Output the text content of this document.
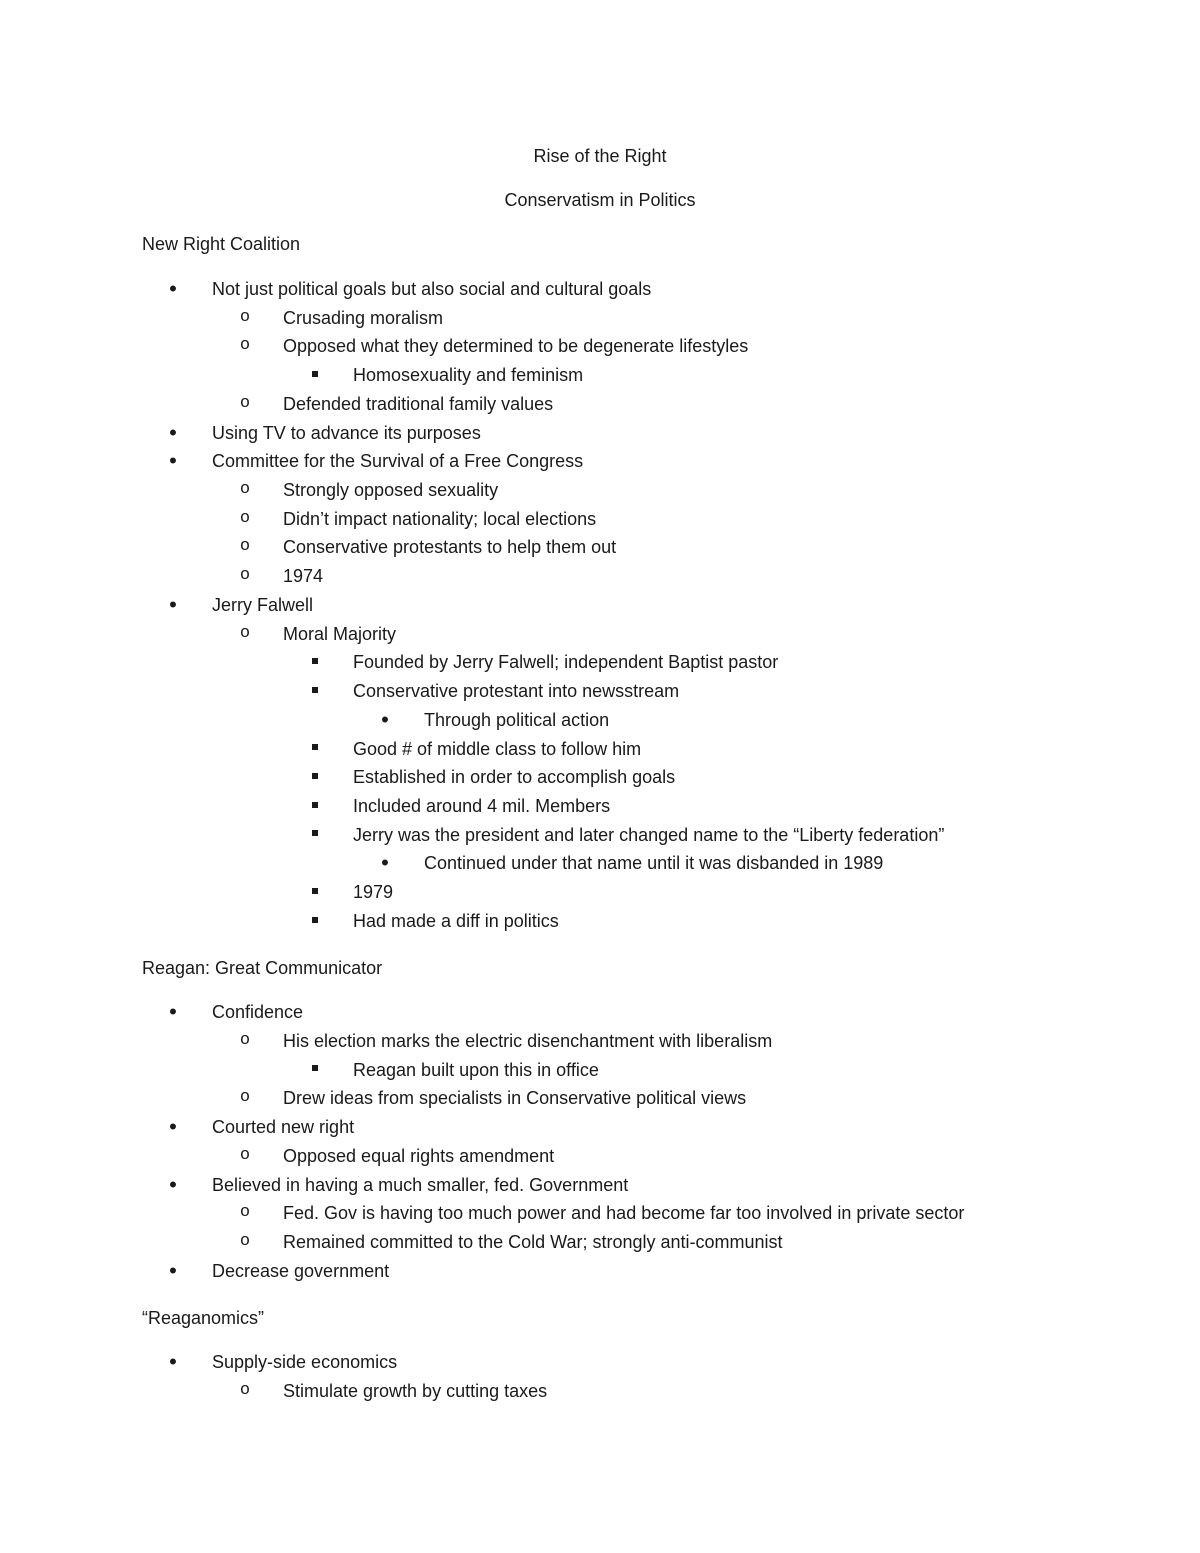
Rise of the Right
Conservatism in Politics
New Right Coalition
•
Not just political goals but also social and cultural goals
o Crusading moralism
o Opposed what they determined to be degenerate lifestyles
Homosexuality and feminism
o Defended traditional family values
•
Using TV to advance its purposes
•
Committee for the Survival of a Free Congress
o Strongly opposed sexuality
o Didn’t impact nationality; local elections
o Conservative protestants to help them out
o 1974
•
Jerry Falwell
o Moral Majority
Founded by Jerry Falwell; independent Baptist pastor
Conservative protestant into newsstream
•
Through political action
Good # of middle class to follow him
Established in order to accomplish goals
Included around 4 mil. Members
Jerry was the president and later changed name to the “Liberty federation”
•
Continued under that name until it was disbanded in 1989
1979
Had made a diff in politics
Reagan: Great Communicator
•
Confidence
o His election marks the electric disenchantment with liberalism
Reagan built upon this in office
o Drew ideas from specialists in Conservative political views
•
Courted new right
o Opposed equal rights amendment
•
Believed in having a much smaller, fed. Government
o Fed. Gov is having too much power and had become far too involved in private sector
o Remained committed to the Cold War; strongly anti-communist
•
Decrease government
“Reaganomics”
•
Supply-side economics
o Stimulate growth by cutting taxes
